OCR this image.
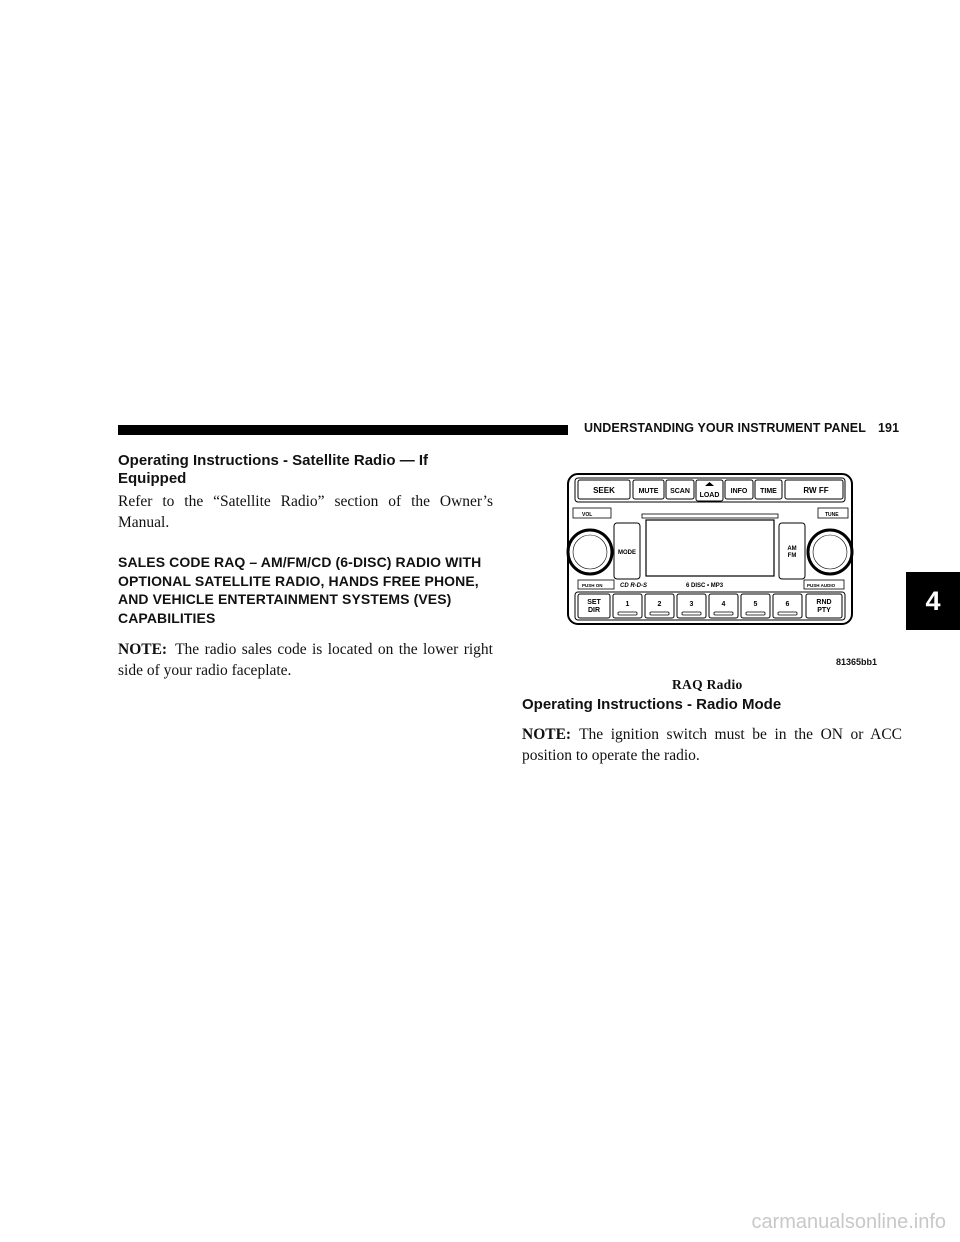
UNDERSTANDING YOUR INSTRUMENT PANEL 191
4
Operating Instructions - Satellite Radio — If Equipped

Refer to the “Satellite Radio” section of the Owner’s Manual.

SALES CODE RAQ – AM/FM/CD (6-DISC) RADIO WITH OPTIONAL SATELLITE RADIO, HANDS FREE PHONE, AND VEHICLE ENTERTAINMENT SYSTEMS (VES) CAPABILITIES

NOTE: The radio sales code is located on the lower right side of your radio faceplate.

SEEK	MUTE SCAN
LOAD
INFO TIME	RW FF
VOL	TUNE
MODE
AM
FM
PUSH ON	CD R-D-S	6 DISC • MP3	PUSH AUDIO
SET
DIR
1	2	3	4	5	6	RND
PTY
81365bb1
RAQ Radio
Operating Instructions - Radio Mode

NOTE: The ignition switch must be in the ON or ACC position to operate the radio.

carmanualsonline.info
